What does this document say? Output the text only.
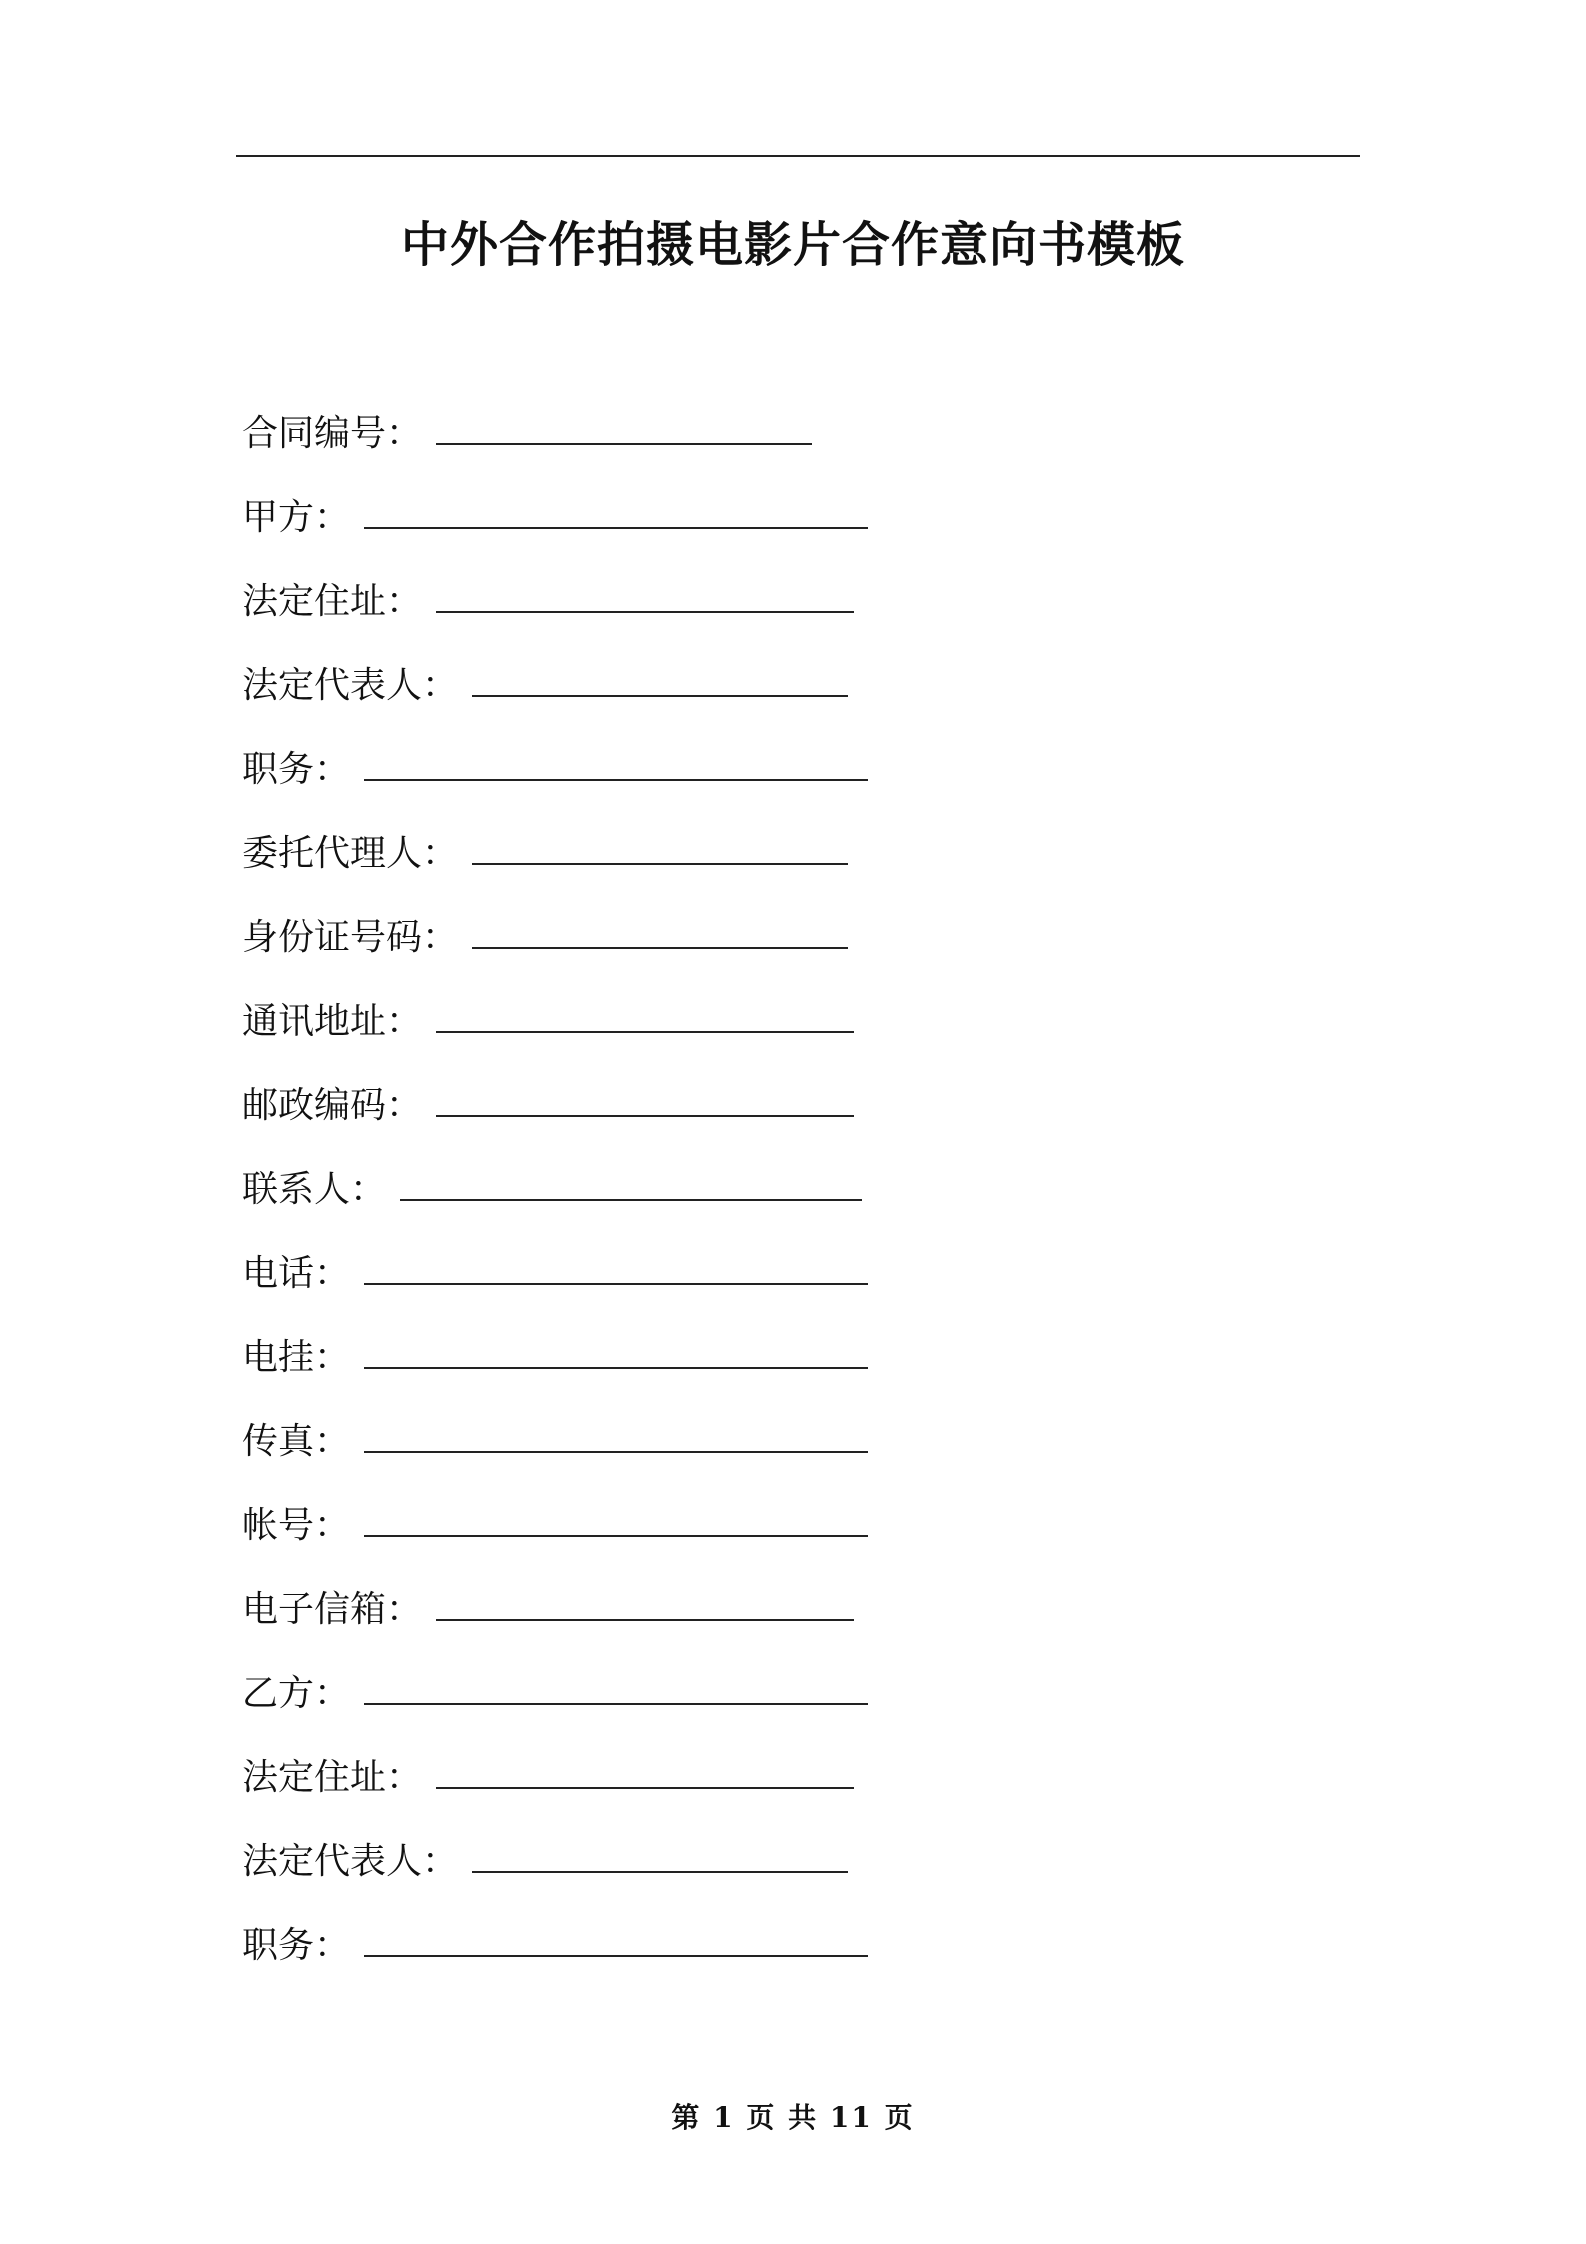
中外合作拍摄电影片合作意向书模板
合同编号：
甲方：
法定住址：
法定代表人：
职务：
委托代理人：
身份证号码：
通讯地址：
邮政编码：
联系人：
电话：
电挂：
传真：
帐号：
电子信箱：
乙方：
法定住址：
法定代表人：
职务：
第 1 页 共 11 页
